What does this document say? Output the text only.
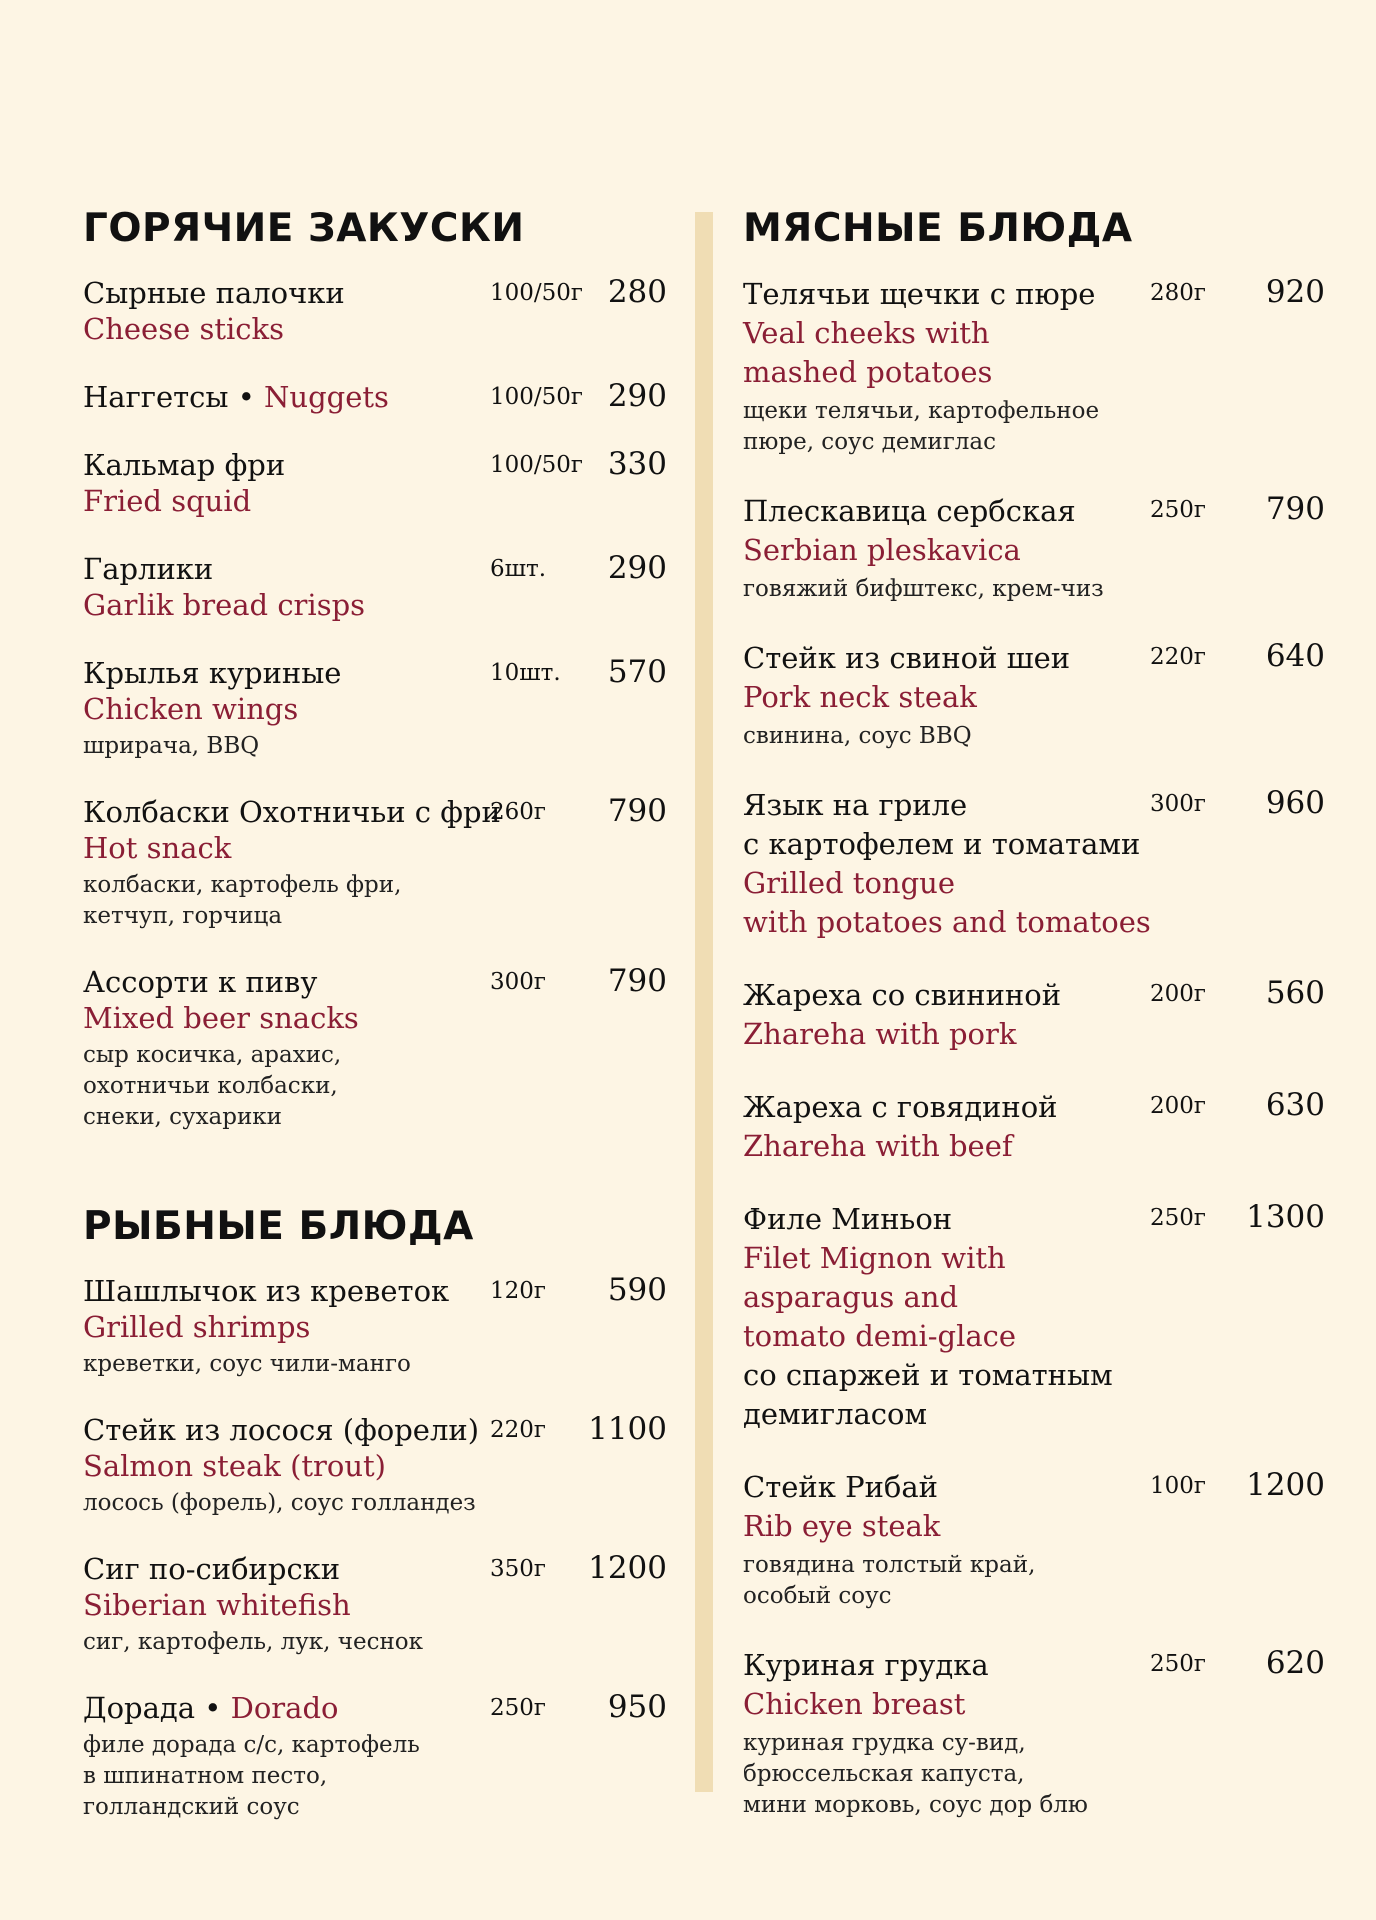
ГОРЯЧИЕ ЗАКУСКИ
Сырные палочки
Cheese sticks
100/50г 280
Наггетсы • Nuggets	100/50г 290
Кальмар фри
Fried squid
100/50г 330
Гарлики
Garlik bread crisps
6шт. 290
Крылья куриные
Chicken wings
шрирача, BBQ
10шт. 570
Колбаски Охотничьи с фри
Hot snack
колбаски, картофель фри,
кетчуп, горчица
260г 790
Ассорти к пиву
Mixed beer snacks
сыр косичка, арахис,
охотничьи колбаски,
снеки, сухарики
300г 790
РЫБНЫЕ БЛЮДА
Шашлычок из креветок
Grilled shrimps
креветки, соус чили-манго
120г 590
Стейк из лосося (форели)
Salmon steak (trout)
лосось (форель), соус голландез
220г 1100
Сиг по-сибирски
Siberian whitefish
сиг, картофель, лук, чеснок
350г 1200
Дорада • Dorado
филе дорада с/с, картофель
в шпинатном песто,
голландский соус
250г 950
МЯСНЫЕ БЛЮДА
Телячьи щечки с пюре
Veal cheeks with
mashed potatoes
щеки телячьи, картофельное
пюре, соус демиглас
280г 920
Плескавица сербская
Serbian pleskavica
говяжий бифштекс, крем-чиз
250г 790
Стейк из свиной шеи
Pork neck steak
свинина, соус BBQ
220г 640
Язык на гриле
с картофелем и томатами
Grilled tongue
with potatoes and tomatoes
300г 960
Жареха со свининой
Zhareha with pork
200г 560
Жареха с говядиной
Zhareha with beef
200г 630
Филе Миньон
Filet Mignon with
asparagus and
tomato demi-glace
со спаржей и томатным
демигласом
250г 1300
Стейк Рибай
Rib eye steak
говядина толстый край,
особый соус
100г 1200
Куриная грудка
Chicken breast
куриная грудка су-вид,
брюссельская капуста,
мини морковь, соус дор блю
250г 620
